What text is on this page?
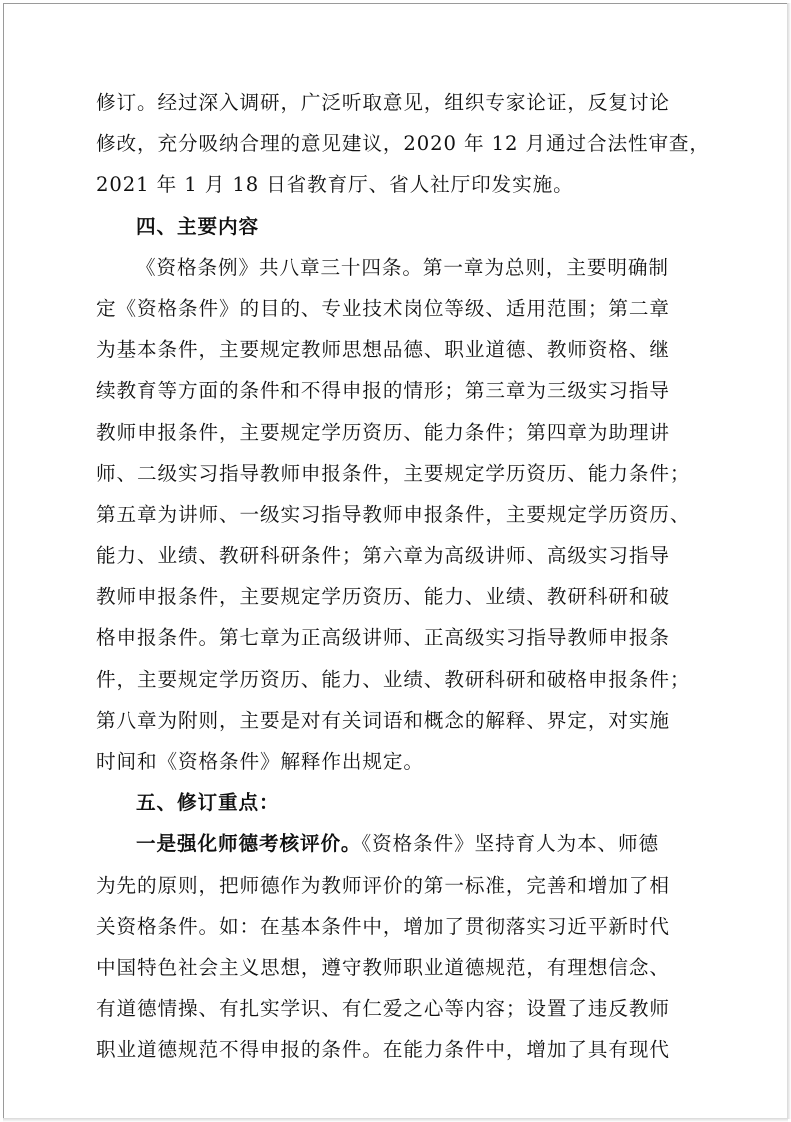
修订。经过深入调研，广泛听取意见，组织专家论证，反复讨论
修改，充分吸纳合理的意见建议，2020 年 12 月通过合法性审查，
2021 年 1 月 18 日省教育厅、省人社厅印发实施。
四、主要内容
《资格条例》共八章三十四条。第一章为总则，主要明确制
定《资格条件》的目的、专业技术岗位等级、适用范围；第二章
为基本条件，主要规定教师思想品德、职业道德、教师资格、继
续教育等方面的条件和不得申报的情形；第三章为三级实习指导
教师申报条件，主要规定学历资历、能力条件；第四章为助理讲
师、二级实习指导教师申报条件，主要规定学历资历、能力条件；
第五章为讲师、一级实习指导教师申报条件，主要规定学历资历、
能力、业绩、教研科研条件；第六章为高级讲师、高级实习指导
教师申报条件，主要规定学历资历、能力、业绩、教研科研和破
格申报条件。第七章为正高级讲师、正高级实习指导教师申报条
件，主要规定学历资历、能力、业绩、教研科研和破格申报条件；
第八章为附则，主要是对有关词语和概念的解释、界定，对实施
时间和《资格条件》解释作出规定。
五、修订重点：
一是强化师德考核评价。《资格条件》坚持育人为本、师德
为先的原则，把师德作为教师评价的第一标准，完善和增加了相
关资格条件。如：在基本条件中，增加了贯彻落实习近平新时代
中国特色社会主义思想，遵守教师职业道德规范，有理想信念、
有道德情操、有扎实学识、有仁爱之心等内容；设置了违反教师
职业道德规范不得申报的条件。在能力条件中，增加了具有现代
